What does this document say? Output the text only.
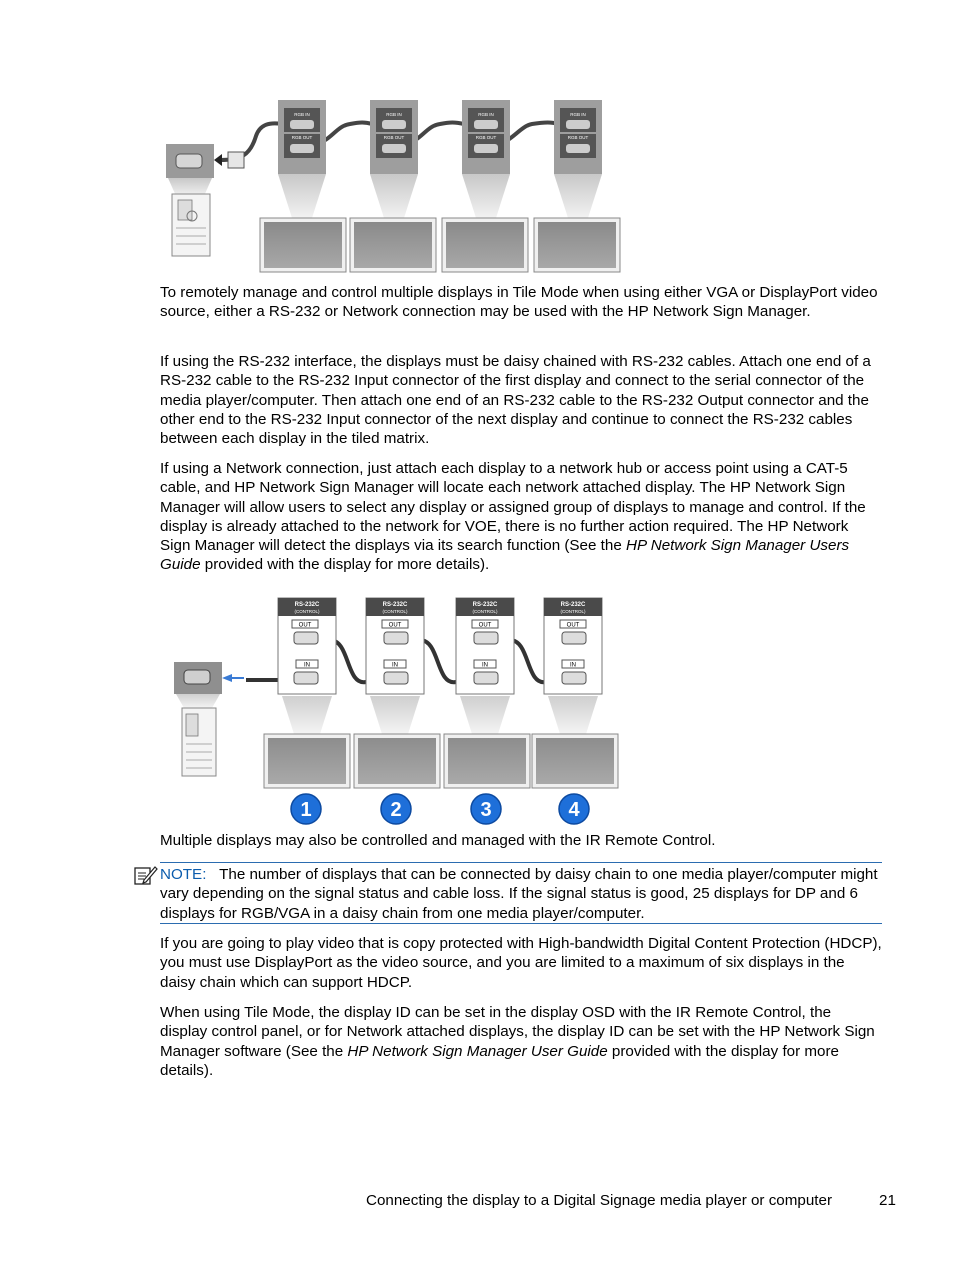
RGB IN
RGB OUT
RGB IN
RGB OUT
RGB IN
RGB OUT
RGB IN
RGB OUT

To remotely manage and control multiple displays in Tile Mode when using either VGA or DisplayPort video source, either a RS-232 or Network connection may be used with the HP Network Sign Manager.

If using the RS-232 interface, the displays must be daisy chained with RS-232 cables. Attach one end of a RS-232 cable to the RS-232 Input connector of the first display and connect to the serial connector of the media player/computer. Then attach one end of an RS-232 cable to the RS-232 Output connector and the other end to the RS-232 Input connector of the next display and continue to connect the RS-232 cables between each display in the tiled matrix.

If using a Network connection, just attach each display to a network hub or access point using a CAT-5 cable, and HP Network Sign Manager will locate each network attached display. The HP Network Sign Manager will allow users to select any display or assigned group of displays to manage and control. If the display is already attached to the network for VOE, there is no further action required. The HP Network Sign Manager will detect the displays via its search function (See the HP Network Sign Manager Users Guide provided with the display for more details).

RS-232C
(CONTROL)
OUT
IN
RS-232C
(CONTROL)
OUT
IN
RS-232C
(CONTROL)
OUT
IN
RS-232C
(CONTROL)
OUT
IN
1	2	3	4

Multiple displays may also be controlled and managed with the IR Remote Control.

NOTE: The number of displays that can be connected by daisy chain to one media player/computer might vary depending on the signal status and cable loss. If the signal status is good, 25 displays for DP and 6 displays for RGB/VGA in a daisy chain from one media player/computer.

If you are going to play video that is copy protected with High-bandwidth Digital Content Protection (HDCP), you must use DisplayPort as the video source, and you are limited to a maximum of six displays in the daisy chain which can support HDCP.

When using Tile Mode, the display ID can be set in the display OSD with the IR Remote Control, the display control panel, or for Network attached displays, the display ID can be set with the HP Network Sign Manager software (See the HP Network Sign Manager User Guide provided with the display for more details).

Connecting the display to a Digital Signage media player or computer	21
